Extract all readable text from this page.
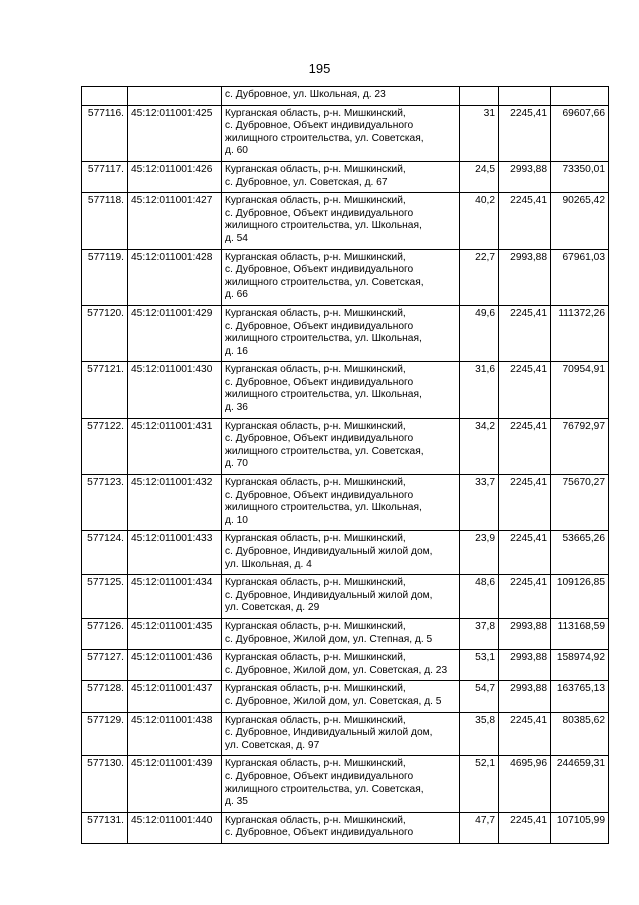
195
		с. Дубровное, ул. Школьная, д. 23			
577116.	45:12:011001:425	Курганская область, р-н. Мишкинский,
с. Дубровное, Объект индивидуального
жилищного строительства, ул. Советская,
д. 60	31	2245,41	69607,66
577117.	45:12:011001:426	Курганская область, р-н. Мишкинский,
с. Дубровное, ул. Советская, д. 67	24,5	2993,88	73350,01
577118.	45:12:011001:427	Курганская область, р-н. Мишкинский,
с. Дубровное, Объект индивидуального
жилищного строительства, ул. Школьная,
д. 54	40,2	2245,41	90265,42
577119.	45:12:011001:428	Курганская область, р-н. Мишкинский,
с. Дубровное, Объект индивидуального
жилищного строительства, ул. Советская,
д. 66	22,7	2993,88	67961,03
577120.	45:12:011001:429	Курганская область, р-н. Мишкинский,
с. Дубровное, Объект индивидуального
жилищного строительства, ул. Школьная,
д. 16	49,6	2245,41	111372,26
577121.	45:12:011001:430	Курганская область, р-н. Мишкинский,
с. Дубровное, Объект индивидуального
жилищного строительства, ул. Школьная,
д. 36	31,6	2245,41	70954,91
577122.	45:12:011001:431	Курганская область, р-н. Мишкинский,
с. Дубровное, Объект индивидуального
жилищного строительства, ул. Советская,
д. 70	34,2	2245,41	76792,97
577123.	45:12:011001:432	Курганская область, р-н. Мишкинский,
с. Дубровное, Объект индивидуального
жилищного строительства, ул. Школьная,
д. 10	33,7	2245,41	75670,27
577124.	45:12:011001:433	Курганская область, р-н. Мишкинский,
с. Дубровное, Индивидуальный жилой дом,
ул. Школьная, д. 4	23,9	2245,41	53665,26
577125.	45:12:011001:434	Курганская область, р-н. Мишкинский,
с. Дубровное, Индивидуальный жилой дом,
ул. Советская, д. 29	48,6	2245,41	109126,85
577126.	45:12:011001:435	Курганская область, р-н. Мишкинский,
с. Дубровное, Жилой дом, ул. Степная, д. 5	37,8	2993,88	113168,59
577127.	45:12:011001:436	Курганская область, р-н. Мишкинский,
с. Дубровное, Жилой дом, ул. Советская, д. 23	53,1	2993,88	158974,92
577128.	45:12:011001:437	Курганская область, р-н. Мишкинский,
с. Дубровное, Жилой дом, ул. Советская, д. 5	54,7	2993,88	163765,13
577129.	45:12:011001:438	Курганская область, р-н. Мишкинский,
с. Дубровное, Индивидуальный жилой дом,
ул. Советская, д. 97	35,8	2245,41	80385,62
577130.	45:12:011001:439	Курганская область, р-н. Мишкинский,
с. Дубровное, Объект индивидуального
жилищного строительства, ул. Советская,
д. 35	52,1	4695,96	244659,31
577131.	45:12:011001:440	Курганская область, р-н. Мишкинский,
с. Дубровное, Объект индивидуального	47,7	2245,41	107105,99
